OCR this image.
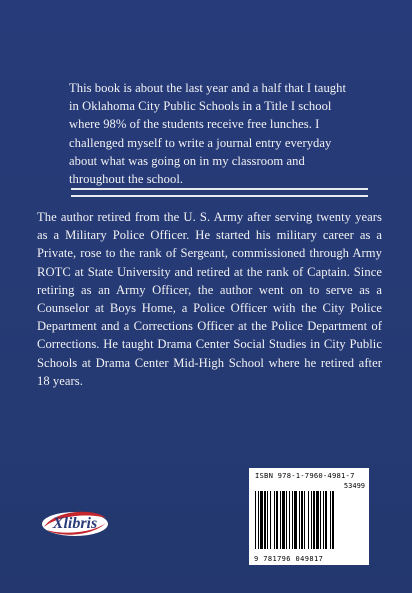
This book is about the last year and a half that I taught in Oklahoma City Public Schools in a Title I school where 98% of the students receive free lunches. I challenged myself to write a journal entry everyday about what was going on in my classroom and throughout the school.

The author retired from the U. S. Army after serving twenty years as a Military Police Officer. He started his military career as a Private, rose to the rank of Sergeant, commissioned through Army ROTC at State University and retired at the rank of Captain. Since retiring as an Army Officer, the author went on to serve as a Counselor at Boys Home, a Police Officer with the City Police Department and a Corrections Officer at the Police Department of Corrections. He taught Drama Center Social Studies in City Public Schools at Drama Center Mid-High School where he retired after 18 years.

Xlibris
ISBN 978-1-7960-4981-7
53499
9 781796 049817
